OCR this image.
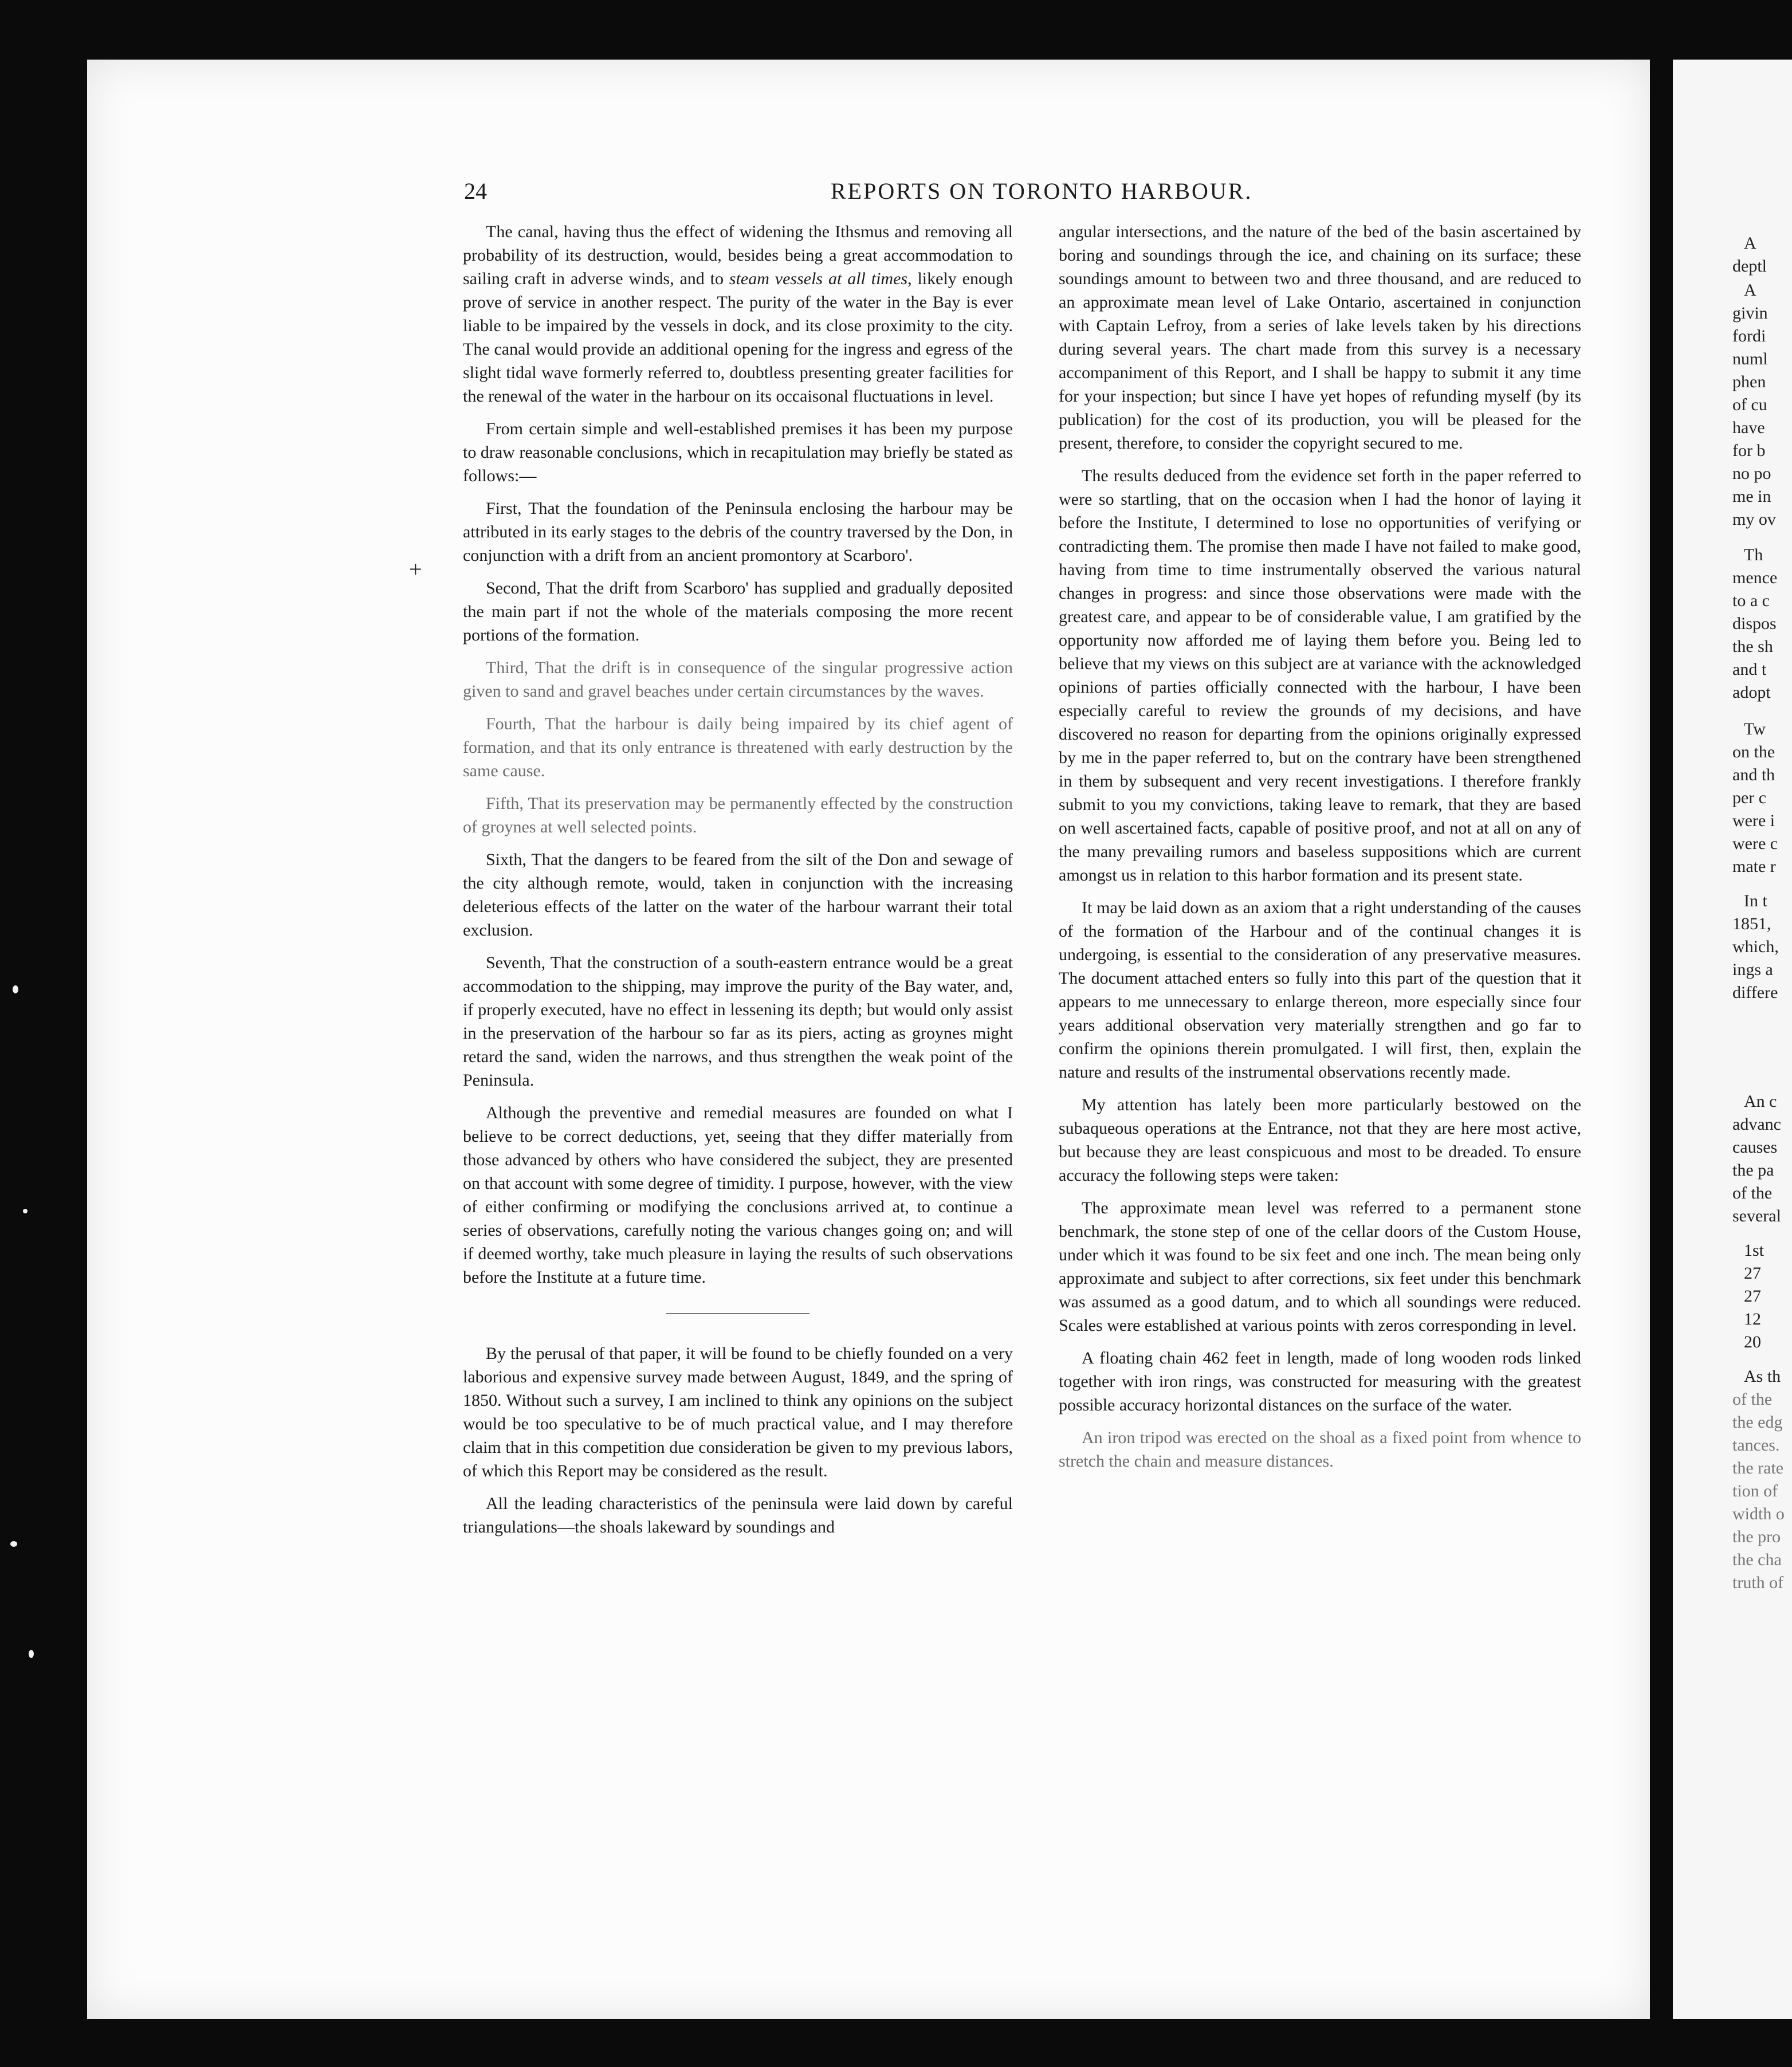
24	REPORTS ON TORONTO HARBOUR.
+

The canal, having thus the effect of widening the Ithsmus and removing all probability of its destruction, would, besides being a great accommodation to sailing craft in adverse winds, and to steam vessels at all times, likely enough prove of service in another respect. The purity of the water in the Bay is ever liable to be impaired by the vessels in dock, and its close proximity to the city. The canal would provide an additional opening for the ingress and egress of the slight tidal wave formerly referred to, doubtless presenting greater facilities for the renewal of the water in the harbour on its occaisonal fluctuations in level.

From certain simple and well-established premises it has been my purpose to draw reasonable conclusions, which in recapitulation may briefly be stated as follows:—

First, That the foundation of the Peninsula enclosing the harbour may be attributed in its early stages to the debris of the country traversed by the Don, in conjunction with a drift from an ancient promontory at Scarboro'.

Second, That the drift from Scarboro' has supplied and gradually deposited the main part if not the whole of the materials composing the more recent portions of the formation.

Third, That the drift is in consequence of the singular progressive action given to sand and gravel beaches under certain circumstances by the waves.

Fourth, That the harbour is daily being impaired by its chief agent of formation, and that its only entrance is threatened with early destruction by the same cause.

Fifth, That its preservation may be permanently effected by the construction of groynes at well selected points.

Sixth, That the dangers to be feared from the silt of the Don and sewage of the city although remote, would, taken in conjunction with the increasing deleterious effects of the latter on the water of the harbour warrant their total exclusion.

Seventh, That the construction of a south-eastern entrance would be a great accommodation to the shipping, may improve the purity of the Bay water, and, if properly executed, have no effect in lessening its depth; but would only assist in the preservation of the harbour so far as its piers, acting as groynes might retard the sand, widen the narrows, and thus strengthen the weak point of the Peninsula.

Although the preventive and remedial measures are founded on what I believe to be correct deductions, yet, seeing that they differ materially from those advanced by others who have considered the subject, they are presented on that account with some degree of timidity. I purpose, however, with the view of either confirming or modifying the conclusions arrived at, to continue a series of observations, carefully noting the various changes going on; and will if deemed worthy, take much pleasure in laying the results of such observations before the Institute at a future time.

By the perusal of that paper, it will be found to be chiefly founded on a very laborious and expensive survey made between August, 1849, and the spring of 1850. Without such a survey, I am inclined to think any opinions on the subject would be too speculative to be of much practical value, and I may therefore claim that in this competition due consideration be given to my previous labors, of which this Report may be considered as the result.

All the leading characteristics of the peninsula were laid down by careful triangulations—the shoals lakeward by soundings and

angular intersections, and the nature of the bed of the basin ascertained by boring and soundings through the ice, and chaining on its surface; these soundings amount to between two and three thousand, and are reduced to an approximate mean level of Lake Ontario, ascertained in conjunction with Captain Lefroy, from a series of lake levels taken by his directions during several years. The chart made from this survey is a necessary accompaniment of this Report, and I shall be happy to submit it any time for your inspection; but since I have yet hopes of refunding myself (by its publication) for the cost of its production, you will be pleased for the present, therefore, to consider the copyright secured to me.

The results deduced from the evidence set forth in the paper referred to were so startling, that on the occasion when I had the honor of laying it before the Institute, I determined to lose no opportunities of verifying or contradicting them. The promise then made I have not failed to make good, having from time to time instrumentally observed the various natural changes in progress: and since those observations were made with the greatest care, and appear to be of considerable value, I am gratified by the opportunity now afforded me of laying them before you. Being led to believe that my views on this subject are at variance with the acknowledged opinions of parties officially connected with the harbour, I have been especially careful to review the grounds of my decisions, and have discovered no reason for departing from the opinions originally expressed by me in the paper referred to, but on the contrary have been strengthened in them by subsequent and very recent investigations. I therefore frankly submit to you my convictions, taking leave to remark, that they are based on well ascertained facts, capable of positive proof, and not at all on any of the many prevailing rumors and baseless suppositions which are current amongst us in relation to this harbor formation and its present state.

It may be laid down as an axiom that a right understanding of the causes of the formation of the Harbour and of the continual changes it is undergoing, is essential to the consideration of any preservative measures. The document attached enters so fully into this part of the question that it appears to me unnecessary to enlarge thereon, more especially since four years additional observation very materially strengthen and go far to confirm the opinions therein promulgated. I will first, then, explain the nature and results of the instrumental observations recently made.

My attention has lately been more particularly bestowed on the subaqueous operations at the Entrance, not that they are here most active, but because they are least conspicuous and most to be dreaded. To ensure accuracy the following steps were taken:

The approximate mean level was referred to a permanent stone benchmark, the stone step of one of the cellar doors of the Custom House, under which it was found to be six feet and one inch. The mean being only approximate and subject to after corrections, six feet under this benchmark was assumed as a good datum, and to which all soundings were reduced. Scales were established at various points with zeros corresponding in level.

A floating chain 462 feet in length, made of long wooden rods linked together with iron rings, was constructed for measuring with the greatest possible accuracy horizontal distances on the surface of the water.

An iron tripod was erected on the shoal as a fixed point from whence to stretch the chain and measure distances.

A
deptl
A
givin
fordi
numl
phen
of cu
have
for b
no po
me in
my ov
Th
mence
to a c
dispos
the sh
and t
adopt
Tw
on the
and th
per c
were i
were c
mate r
In t
1851,
which,
ings a
differe
An c
advanc
causes
the pa
of the
several
1st
27
27
12
20
As th
of the
the edg
tances.
the rate
tion of
width o
the pro
the cha
truth of
